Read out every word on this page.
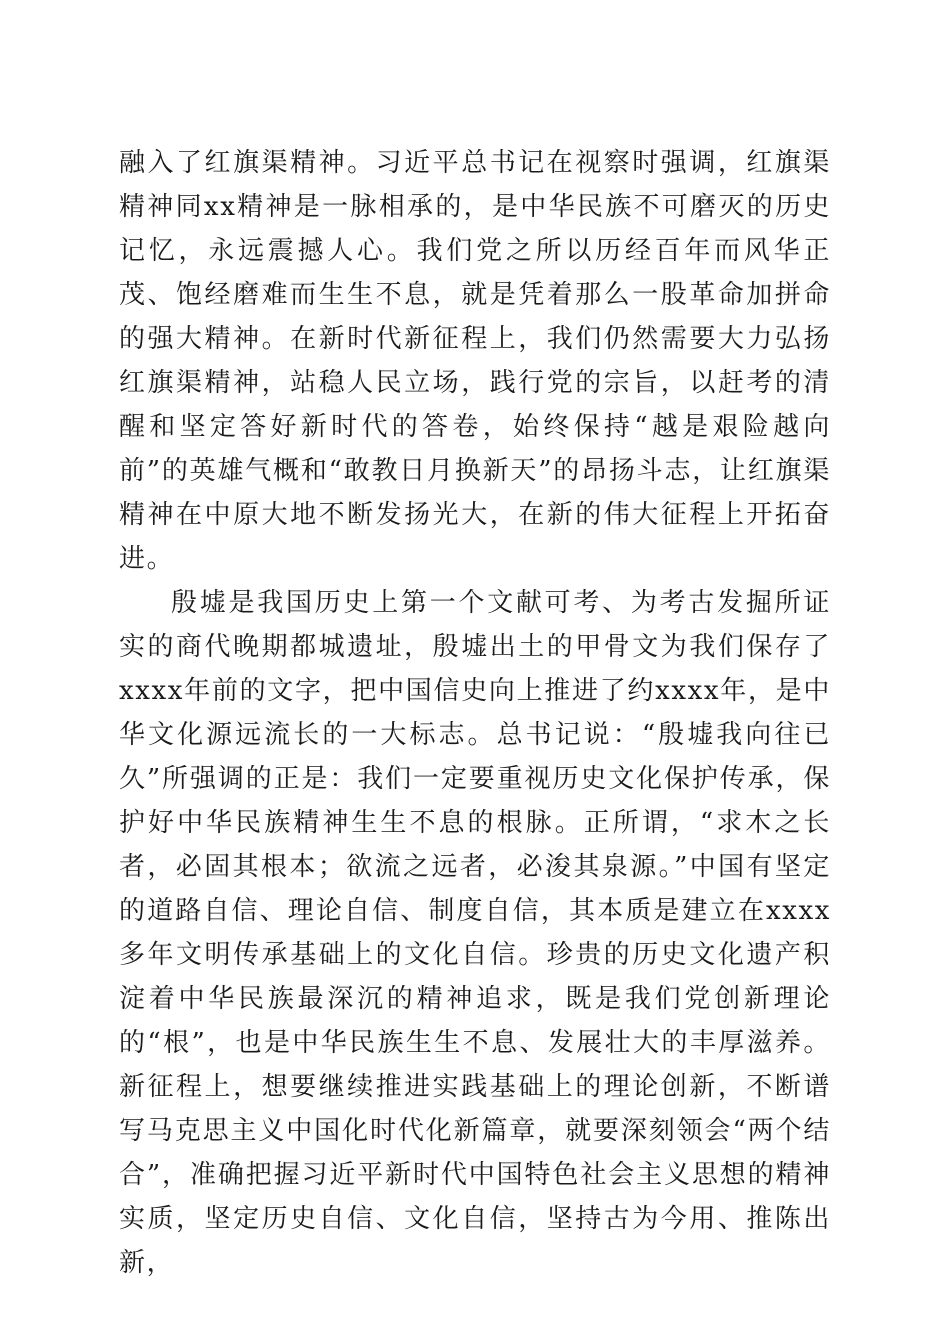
融入了红旗渠精神。习近平总书记在视察时强调，红旗渠精神同xx精神是一脉相承的，是中华民族不可磨灭的历史记忆，永远震撼人心。我们党之所以历经百年而风华正茂、饱经磨难而生生不息，就是凭着那么一股革命加拼命的强大精神。在新时代新征程上，我们仍然需要大力弘扬红旗渠精神，站稳人民立场，践行党的宗旨，以赶考的清醒和坚定答好新时代的答卷，始终保持“越是艰险越向前”的英雄气概和“敢教日月换新天”的昂扬斗志，让红旗渠精神在中原大地不断发扬光大，在新的伟大征程上开拓奋进。

殷墟是我国历史上第一个文献可考、为考古发掘所证实的商代晚期都城遗址，殷墟出土的甲骨文为我们保存了xxxx年前的文字，把中国信史向上推进了约xxxx年，是中华文化源远流长的一大标志。总书记说：“殷墟我向往已久”所强调的正是：我们一定要重视历史文化保护传承，保护好中华民族精神生生不息的根脉。正所谓，“求木之长者，必固其根本；欲流之远者，必浚其泉源。”中国有坚定的道路自信、理论自信、制度自信，其本质是建立在xxxx多年文明传承基础上的文化自信。珍贵的历史文化遗产积淀着中华民族最深沉的精神追求，既是我们党创新理论的“根”，也是中华民族生生不息、发展壮大的丰厚滋养。新征程上，想要继续推进实践基础上的理论创新，不断谱写马克思主义中国化时代化新篇章，就要深刻领会“两个结合”，准确把握习近平新时代中国特色社会主义思想的精神实质，坚定历史自信、文化自信，坚持古为今用、推陈出新，
